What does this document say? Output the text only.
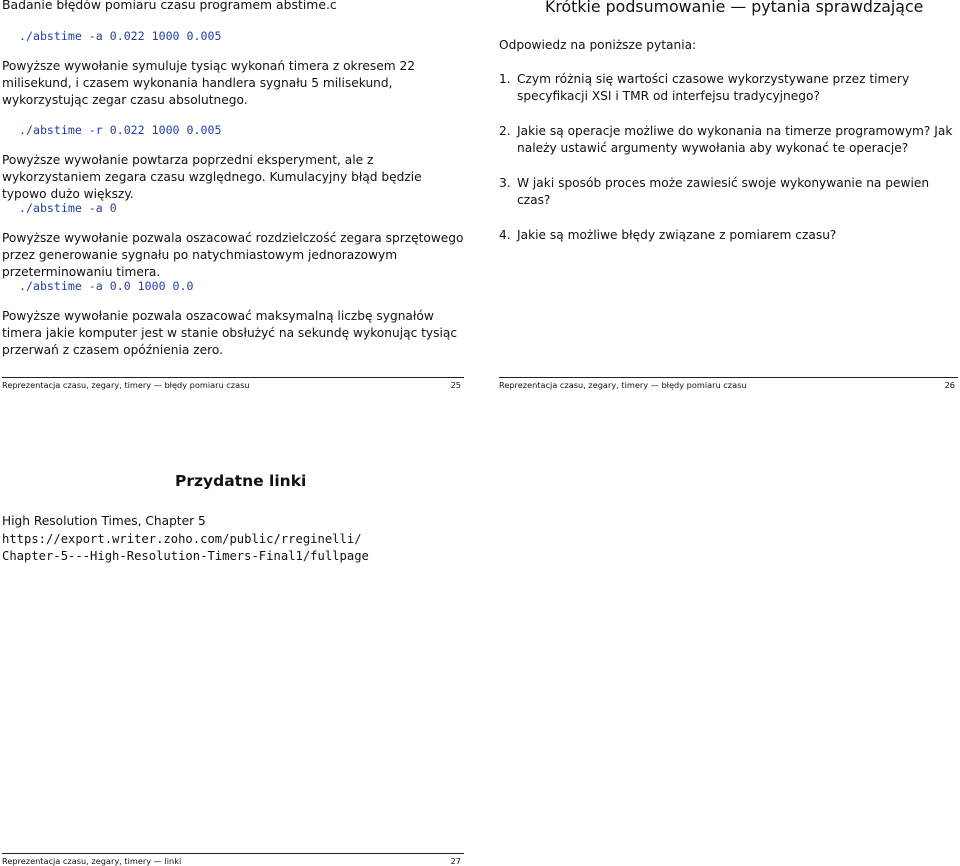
Badanie błędów pomiaru czasu programem abstime.c

./abstime -a 0.022 1000 0.005

Powyższe wywołanie symuluje tysiąc wykonań timera z okresem 22 milisekund, i czasem wykonania handlera sygnału 5 milisekund, wykorzystując zegar czasu absolutnego.

./abstime -r 0.022 1000 0.005

Powyższe wywołanie powtarza poprzedni eksperyment, ale z wykorzystaniem zegara czasu względnego. Kumulacyjny błąd będzie typowo dużo większy.

./abstime -a 0

Powyższe wywołanie pozwala oszacować rozdzielczość zegara sprzętowego przez generowanie sygnału po natychmiastowym jednorazowym przeterminowaniu timera.

./abstime -a 0.0 1000 0.0

Powyższe wywołanie pozwala oszacować maksymalną liczbę sygnałów timera jakie komputer jest w stanie obsłużyć na sekundę wykonując tysiąc przerwań z czasem opóźnienia zero.

Reprezentacja czasu, zegary, timery — błędy pomiaru czasu	25
Krótkie podsumowanie — pytania sprawdzające

Odpowiedz na poniższe pytania:

1. Czym różnią się wartości czasowe wykorzystywane przez timery specyfikacji XSI i TMR od interfejsu tradycyjnego?
2. Jakie są operacje możliwe do wykonania na timerze programowym? Jak należy ustawić argumenty wywołania aby wykonać te operacje?
3. W jaki sposób proces może zawiesić swoje wykonywanie na pewien czas?
4. Jakie są możliwe błędy związane z pomiarem czasu?
Reprezentacja czasu, zegary, timery — błędy pomiaru czasu	26
Przydatne linki

High Resolution Times, Chapter 5

https://export.writer.zoho.com/public/rreginelli/

Chapter-5---High-Resolution-Timers-Final1/fullpage

Reprezentacja czasu, zegary, timery — linki	27
